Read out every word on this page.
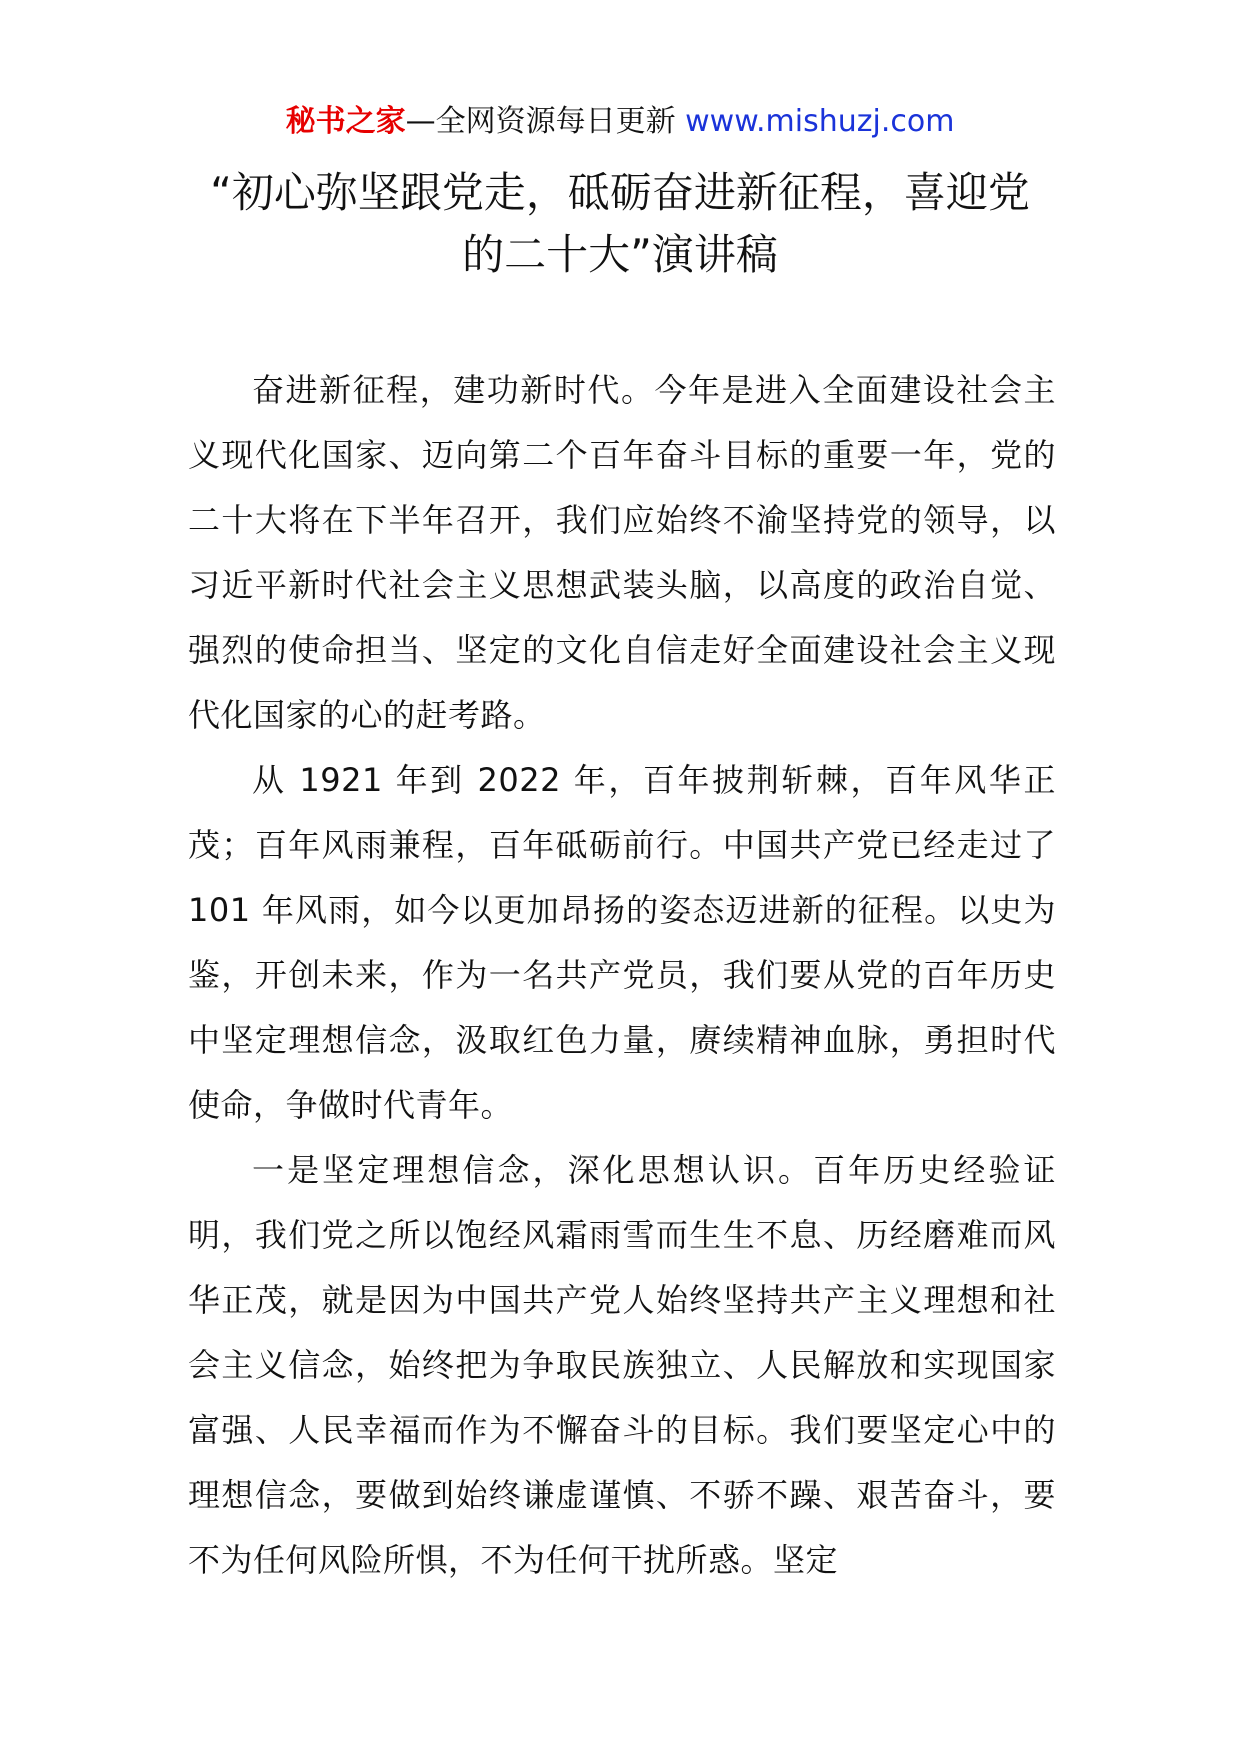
秘书之家—全网资源每日更新 www.mishuzj.com
“初心弥坚跟党走，砥砺奋进新征程，喜迎党的二十大”演讲稿

奋进新征程，建功新时代。今年是进入全面建设社会主义现代化国家、迈向第二个百年奋斗目标的重要一年，党的二十大将在下半年召开，我们应始终不渝坚持党的领导，以习近平新时代社会主义思想武装头脑，以高度的政治自觉、强烈的使命担当、坚定的文化自信走好全面建设社会主义现代化国家的心的赶考路。

从 1921 年到 2022 年，百年披荆斩棘，百年风华正茂；百年风雨兼程，百年砥砺前行。中国共产党已经走过了 101 年风雨，如今以更加昂扬的姿态迈进新的征程。以史为鉴，开创未来，作为一名共产党员，我们要从党的百年历史中坚定理想信念，汲取红色力量，赓续精神血脉，勇担时代使命，争做时代青年。

一是坚定理想信念，深化思想认识。百年历史经验证明，我们党之所以饱经风霜雨雪而生生不息、历经磨难而风华正茂，就是因为中国共产党人始终坚持共产主义理想和社会主义信念，始终把为争取民族独立、人民解放和实现国家富强、人民幸福而作为不懈奋斗的目标。我们要坚定心中的理想信念，要做到始终谦虚谨慎、不骄不躁、艰苦奋斗，要不为任何风险所惧，不为任何干扰所惑。坚定
